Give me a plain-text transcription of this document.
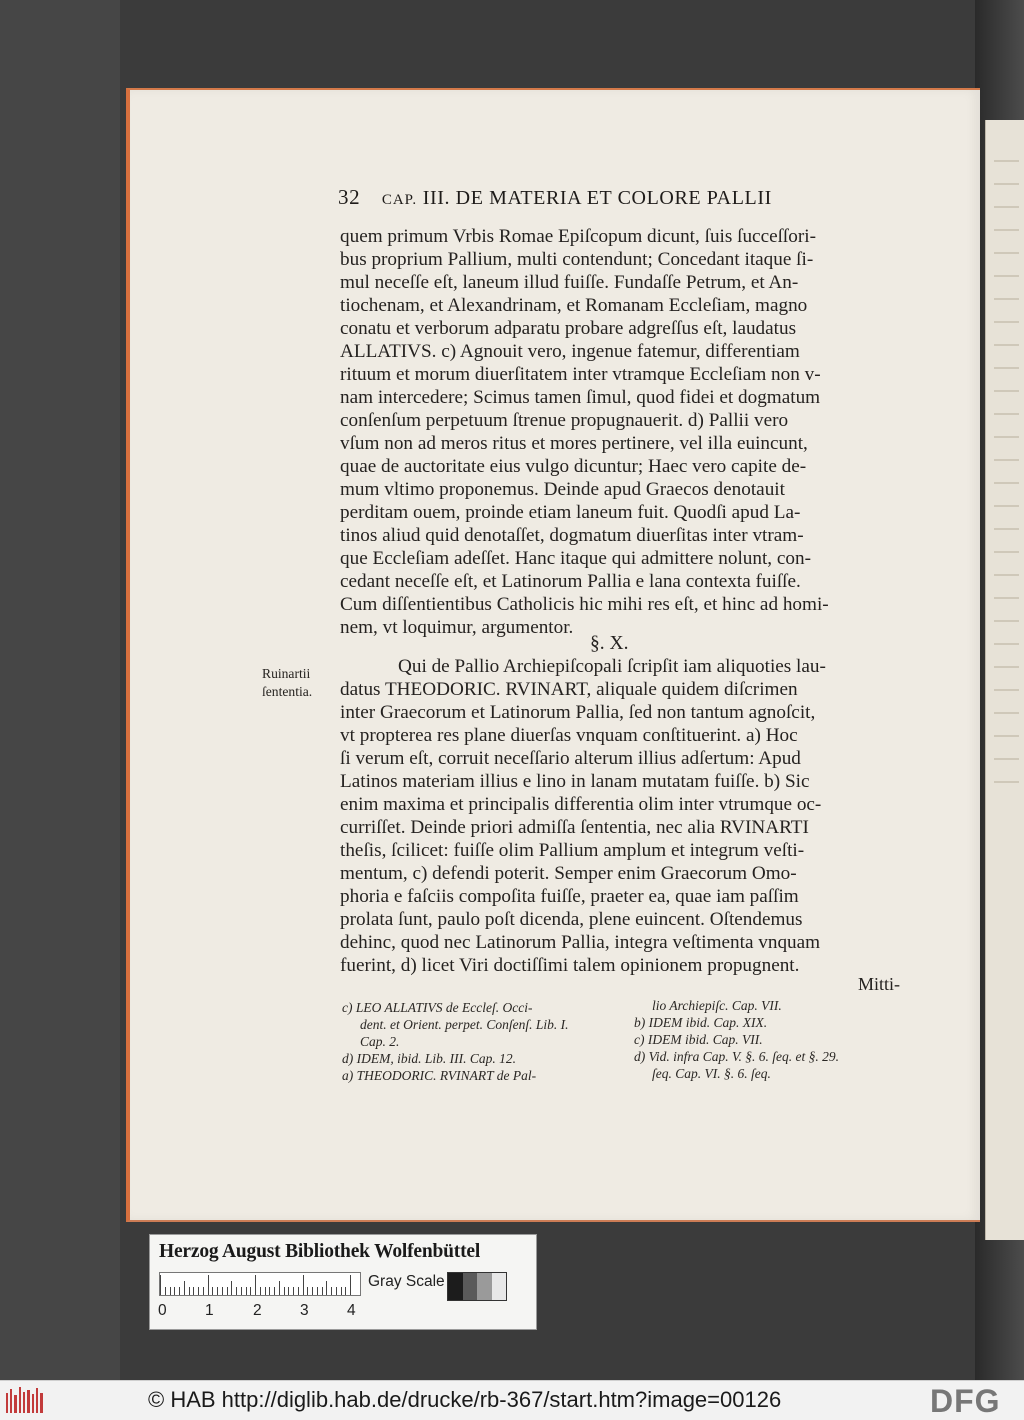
32 CAP. III. DE MATERIA ET COLORE PALLII
quem primum Vrbis Romae Epiſcopum dicunt, ſuis ſucceſſori-
bus proprium Pallium, multi contendunt; Concedant itaque ſi-
mul neceſſe eſt, laneum illud fuiſſe. Fundaſſe Petrum, et An-
tiochenam, et Alexandrinam, et Romanam Eccleſiam, magno
conatu et verborum adparatu probare adgreſſus eſt, laudatus
ALLATIVS. c) Agnouit vero, ingenue fatemur, differentiam
rituum et morum diuerſitatem inter vtramque Eccleſiam non v-
nam intercedere; Scimus tamen ſimul, quod fidei et dogmatum
conſenſum perpetuum ſtrenue propugnauerit. d) Pallii vero
vſum non ad meros ritus et mores pertinere, vel illa euincunt,
quae de auctoritate eius vulgo dicuntur; Haec vero capite de-
mum vltimo proponemus. Deinde apud Graecos denotauit
perditam ouem, proinde etiam laneum fuit. Quodſi apud La-
tinos aliud quid denotaſſet, dogmatum diuerſitas inter vtram-
que Eccleſiam adeſſet. Hanc itaque qui admittere nolunt, con-
cedant neceſſe eſt, et Latinorum Pallia e lana contexta fuiſſe.
Cum diſſentientibus Catholicis hic mihi res eſt, et hinc ad homi-
nem, vt loquimur, argumentor.
§. X.
Ruinartii
ſententia.
Qui de Pallio Archiepiſcopali ſcripſit iam aliquoties lau-
datus THEODORIC. RVINART, aliquale quidem diſcrimen
inter Graecorum et Latinorum Pallia, ſed non tantum agnoſcit,
vt propterea res plane diuerſas vnquam conſtituerint. a) Hoc
ſi verum eſt, corruit neceſſario alterum illius adſertum: Apud
Latinos materiam illius e lino in lanam mutatam fuiſſe. b) Sic
enim maxima et principalis differentia olim inter vtrumque oc-
curriſſet. Deinde priori admiſſa ſententia, nec alia RVINARTI
theſis, ſcilicet: fuiſſe olim Pallium amplum et integrum veſti-
mentum, c) defendi poterit. Semper enim Graecorum Omo-
phoria e faſciis compoſita fuiſſe, praeter ea, quae iam paſſim
prolata ſunt, paulo poſt dicenda, plene euincent. Oſtendemus
dehinc, quod nec Latinorum Pallia, integra veſtimenta vnquam
fuerint, d) licet Viri doctiſſimi talem opinionem propugnent.
Mitti-
c) LEO ALLATIVS de Eccleſ. Occi-
dent. et Orient. perpet. Conſenſ. Lib. I.
Cap. 2.
d) IDEM, ibid. Lib. III. Cap. 12.
a) THEODORIC. RVINART de Pal-
lio Archiepiſc. Cap. VII.
b) IDEM ibid. Cap. XIX.
c) IDEM ibid. Cap. VII.
d) Vid. infra Cap. V. §. 6. ſeq. et §. 29.
ſeq. Cap. VI. §. 6. ſeq.
Herzog August Bibliothek Wolfenbüttel
0 1	2 3 4
Gray Scale
© HAB http://diglib.hab.de/drucke/rb-367/start.htm?image=00126	DFG
